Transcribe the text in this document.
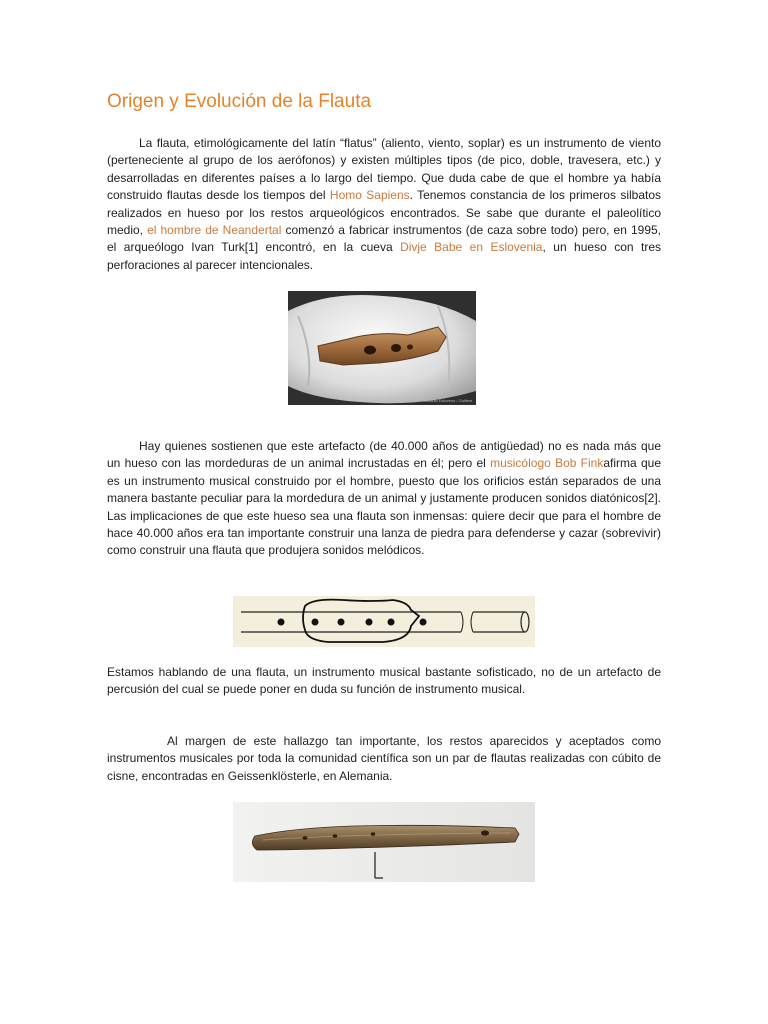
Origen y Evolución de la Flauta

La flauta, etimológicamente del latín “flatus” (aliento, viento, soplar) es un instrumento de viento (perteneciente al grupo de los aerófonos) y existen múltiples tipos (de pico, doble, travesera, etc.) y desarrolladas en diferentes países a lo largo del tiempo. Que duda cabe de que el hombre ya había construido flautas desde los tiempos del Homo Sapiens. Tenemos constancia de los primeros silbatos realizados en hueso por los restos arqueológicos encontrados. Se sabe que durante el paleolítico medio, el hombre de Neandertal comenzó a fabricar instrumentos (de caza sobre todo) pero, en 1995, el arqueólogo Ivan Turk[1] encontró, en la cueva Divje Babe en Eslovenia, un hueso con tres perforaciones al parecer intencionales.

Instituto Esloveno / Guillem

Hay quienes sostienen que este artefacto (de 40.000 años de antigüedad) no es nada más que un hueso con las mordeduras de un animal incrustadas en él; pero el musicólogo Bob Finkafirma que es un instrumento musical construido por el hombre, puesto que los orificios están separados de una manera bastante peculiar para la mordedura de un animal y justamente producen sonidos diatónicos[2]. Las implicaciones de que este hueso sea una flauta son inmensas: quiere decir que para el hombre de hace 40.000 años era tan importante construir una lanza de piedra para defenderse y cazar (sobrevivir) como construir una flauta que produjera sonidos melódicos.

Estamos hablando de una flauta, un instrumento musical bastante sofisticado, no de un artefacto de percusión del cual se puede poner en duda su función de instrumento musical.

Al margen de este hallazgo tan importante, los restos aparecidos y aceptados como instrumentos musicales por toda la comunidad científica son un par de flautas realizadas con cúbito de cisne, encontradas en Geissenklösterle, en Alemania.
